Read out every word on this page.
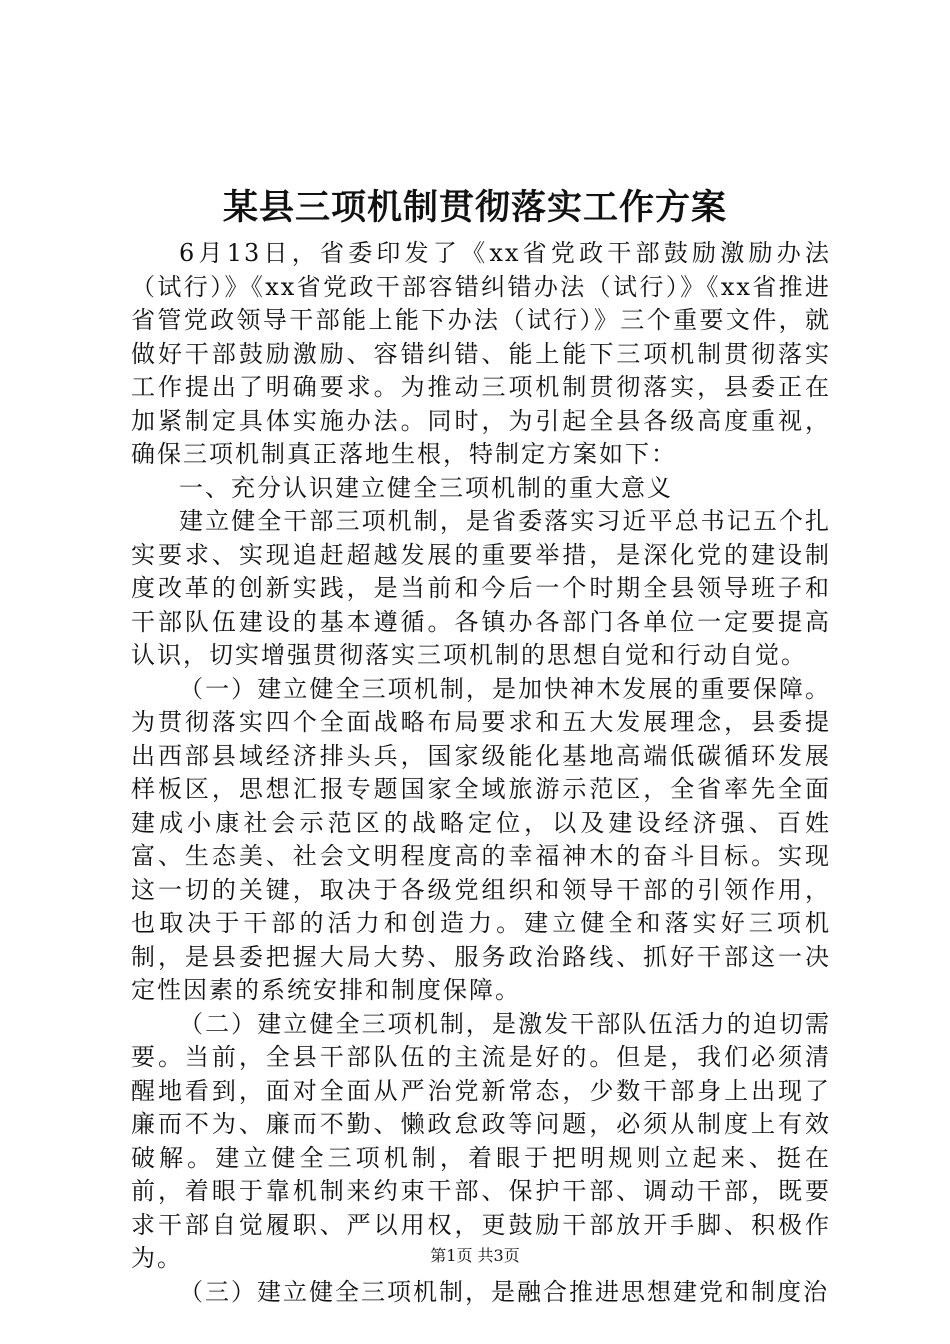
某县三项机制贯彻落实工作方案

6月13日，省委印发了《xx省党政干部鼓励激励办法（试行）》《xx省党政干部容错纠错办法（试行）》《xx省推进省管党政领导干部能上能下办法（试行）》三个重要文件，就做好干部鼓励激励、容错纠错、能上能下三项机制贯彻落实工作提出了明确要求。为推动三项机制贯彻落实，县委正在加紧制定具体实施办法。同时，为引起全县各级高度重视，确保三项机制真正落地生根，特制定方案如下：

一、充分认识建立健全三项机制的重大意义

建立健全干部三项机制，是省委落实习近平总书记五个扎实要求、实现追赶超越发展的重要举措，是深化党的建设制度改革的创新实践，是当前和今后一个时期全县领导班子和干部队伍建设的基本遵循。各镇办各部门各单位一定要提高认识，切实增强贯彻落实三项机制的思想自觉和行动自觉。

（一）建立健全三项机制，是加快神木发展的重要保障。为贯彻落实四个全面战略布局要求和五大发展理念，县委提出西部县域经济排头兵，国家级能化基地高端低碳循环发展样板区，思想汇报专题国家全域旅游示范区，全省率先全面建成小康社会示范区的战略定位，以及建设经济强、百姓富、生态美、社会文明程度高的幸福神木的奋斗目标。实现这一切的关键，取决于各级党组织和领导干部的引领作用，也取决于干部的活力和创造力。建立健全和落实好三项机制，是县委把握大局大势、服务政治路线、抓好干部这一决定性因素的系统安排和制度保障。

（二）建立健全三项机制，是激发干部队伍活力的迫切需要。当前，全县干部队伍的主流是好的。但是，我们必须清醒地看到，面对全面从严治党新常态，少数干部身上出现了廉而不为、廉而不勤、懒政怠政等问题，必须从制度上有效破解。建立健全三项机制，着眼于把明规则立起来、挺在前，着眼于靠机制来约束干部、保护干部、调动干部，既要求干部自觉履职、严以用权，更鼓励干部放开手脚、积极作为。

（三）建立健全三项机制，是融合推进思想建党和制度治

第1页 共3页
